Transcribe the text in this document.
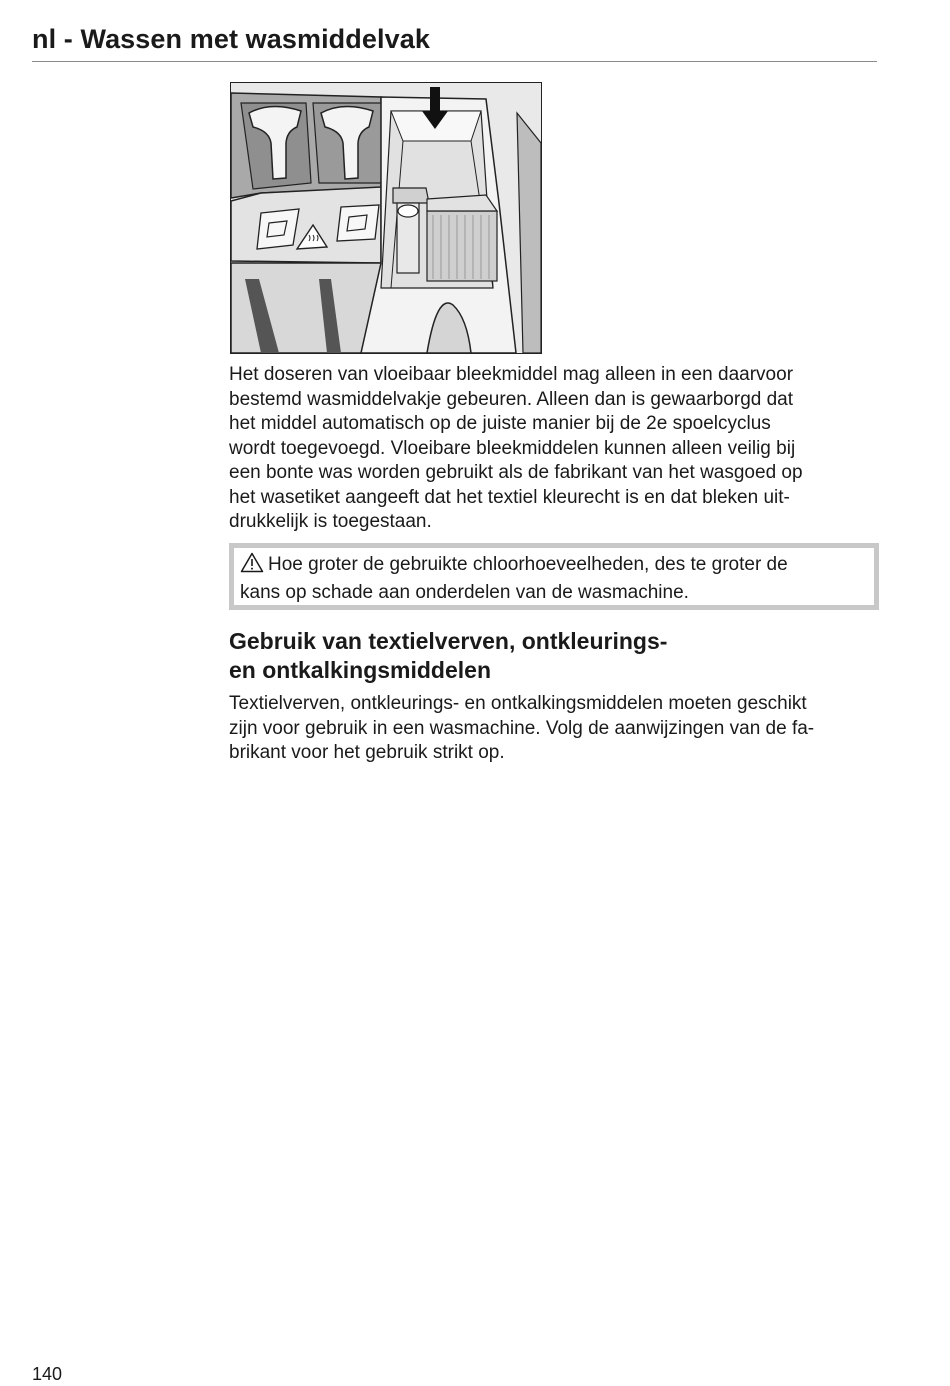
nl - Wassen met wasmiddelvak

Het doseren van vloeibaar bleekmiddel mag alleen in een daarvoor
bestemd wasmiddelvakje gebeuren. Alleen dan is gewaarborgd dat
het middel automatisch op de juiste manier bij de 2e spoelcyclus
wordt toegevoegd. Vloeibare bleekmiddelen kunnen alleen veilig bij
een bonte was worden gebruikt als de fabrikant van het wasgoed op
het wasetiket aangeeft dat het textiel kleurecht is en dat bleken uit-
drukkelijk is toegestaan.

Hoe groter de gebruikte chloorhoeveelheden, des te groter de
kans op schade aan onderdelen van de wasmachine.
Gebruik van textielverven, ontkleurings-
en ontkalkingsmiddelen

Textielverven, ontkleurings- en ontkalkingsmiddelen moeten geschikt
zijn voor gebruik in een wasmachine. Volg de aanwijzingen van de fa-
brikant voor het gebruik strikt op.

140
